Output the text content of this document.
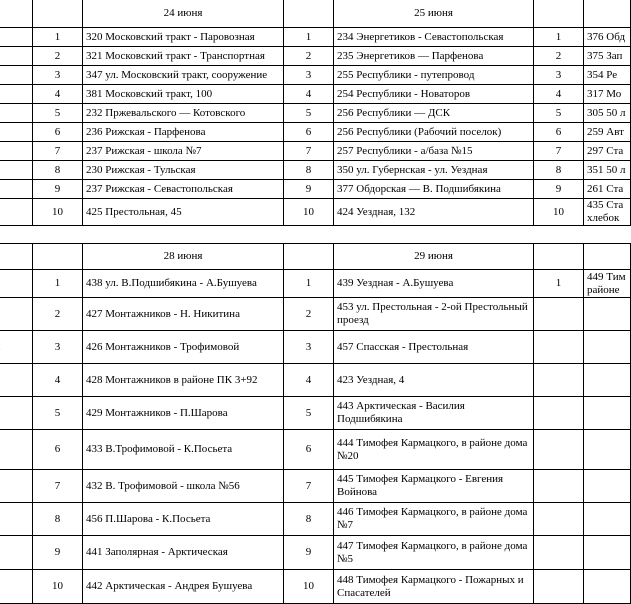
		24 июня		25 июня		
	1	320 Московский тракт - Паровозная	1	234 Энергетиков - Севастопольская	1	376 Обд
	2	321 Московский тракт - Транспортная	2	235 Энергетиков — Парфенова	2	375 Зап
	3	347 ул. Московский тракт, сооружение	3	255 Республики - путепровод	3	354 Ре
	4	381 Московский тракт, 100	4	254 Республики - Новаторов	4	317 Мо
	5	232 Пржевальского — Котовского	5	256 Республики — ДСК	5	305 50 л
	6	236 Рижская - Парфенова	6	256 Республики (Рабочий поселок)	6	259 Авт
	7	237 Рижская - школа №7	7	257 Республики - а/база №15	7	297 Ста
	8	230 Рижская - Тульская	8	350 ул. Губернская - ул. Уездная	8	351 50 л
	9	237 Рижская - Севастопольская	9	377 Обдорская — В. Подшибякина	9	261 Ста
	10	425 Престольная, 45	10	424 Уездная, 132	10	435 Ста хлебок

		28 июня		29 июня		
	1	438 ул. В.Подшибякина - А.Бушуева	1	439 Уездная - А.Бушуева	1	449 Тим районе
	2	427 Монтажников - Н. Никитина	2	453 ул. Престольная - 2-ой Престольный проезд		
	3	426 Монтажников - Трофимовой	3	457 Спасская - Престольная		
	4	428 Монтажников в районе ПК 3+92	4	423 Уездная, 4		
	5	429 Монтажников - П.Шарова	5	443 Арктическая - Василия Подшибякина		
	6	433 В.Трофимовой - К.Посьета	6	444 Тимофея Кармацкого, в районе дома №20		
	7	432 В. Трофимовой - школа №56	7	445 Тимофея Кармацкого - Евгения Войнова		
	8	456 П.Шарова - К.Посьета	8	446 Тимофея Кармацкого, в районе дома №7		
	9	441 Заполярная - Арктическая	9	447 Тимофея Кармацкого, в районе дома №5		
	10	442 Арктическая - Андрея Бушуева	10	448 Тимофея Кармацкого - Пожарных и Спасателей		
